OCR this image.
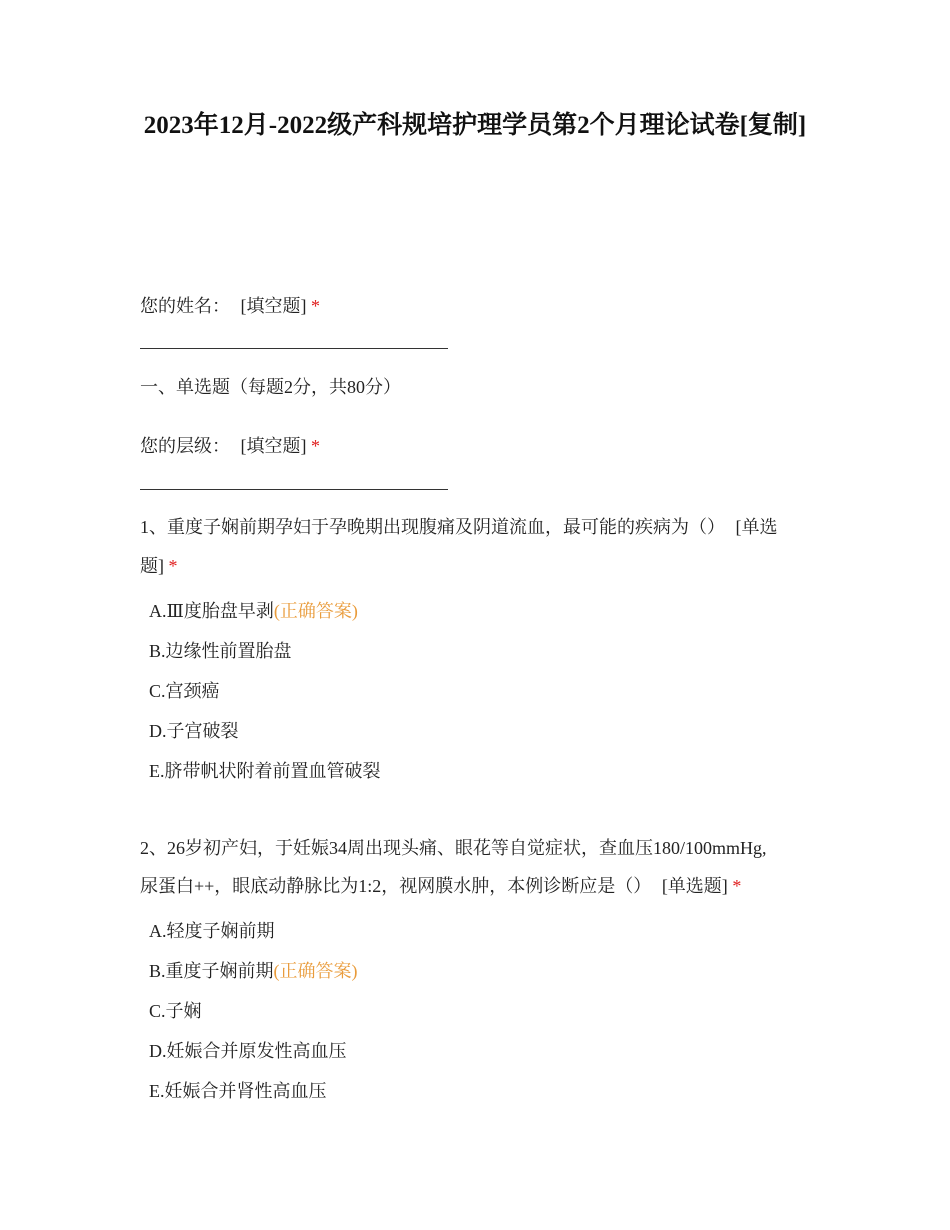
2023年12月-2022级产科规培护理学员第2个月理论试卷[复制]
您的姓名： [填空题] *
一、单选题（每题2分，共80分）
您的层级： [填空题] *
1、重度子娴前期孕妇于孕晚期出现腹痛及阴道流血，最可能的疾病为（） [单选
题] *
A.Ⅲ度胎盘早剥(正确答案)
B.边缘性前置胎盘
C.宫颈癌
D.子宫破裂
E.脐带帆状附着前置血管破裂
2、26岁初产妇，于妊娠34周出现头痛、眼花等自觉症状，查血压180/100mmHg,
尿蛋白++，眼底动静脉比为1:2，视网膜水肿，本例诊断应是（） [单选题] *
A.轻度子娴前期
B.重度子娴前期(正确答案)
C.子娴
D.妊娠合并原发性高血压
E.妊娠合并肾性高血压
